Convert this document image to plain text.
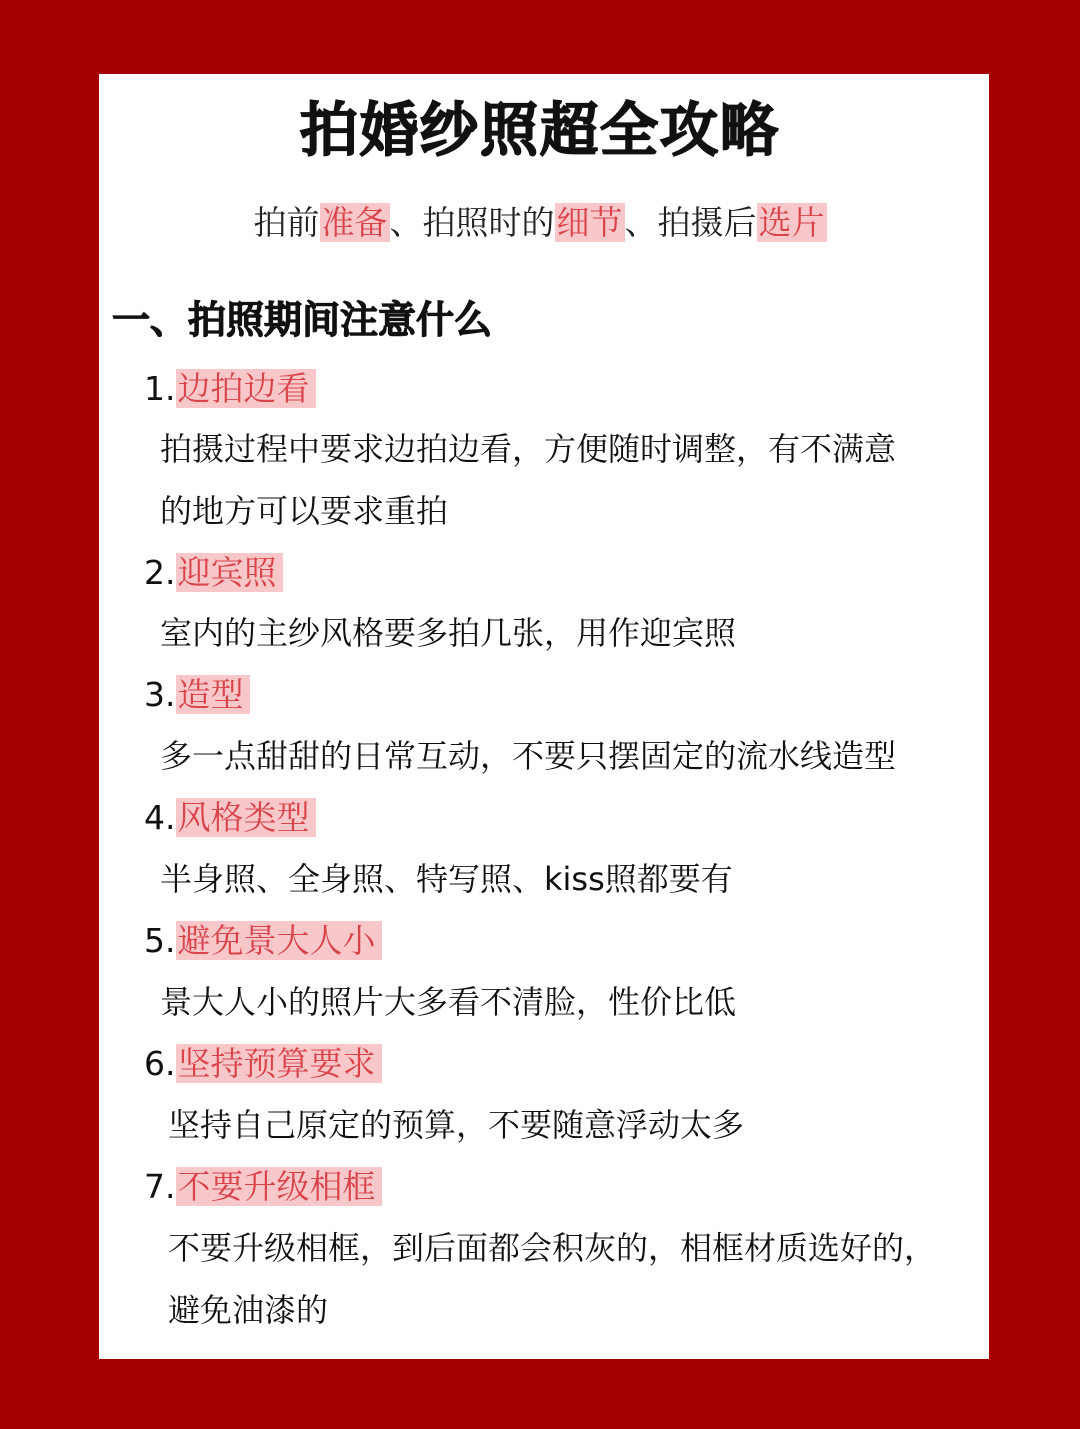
拍婚纱照超全攻略
拍前准备、拍照时的细节、拍摄后选片
一、拍照期间注意什么
1.边拍边看
拍摄过程中要求边拍边看，方便随时调整，有不满意
的地方可以要求重拍
2.迎宾照
室内的主纱风格要多拍几张，用作迎宾照
3.造型
多一点甜甜的日常互动，不要只摆固定的流水线造型
4.风格类型
半身照、全身照、特写照、kiss照都要有
5.避免景大人小
景大人小的照片大多看不清脸，性价比低
6.坚持预算要求
坚持自己原定的预算，不要随意浮动太多
7.不要升级相框
不要升级相框，到后面都会积灰的，相框材质选好的，
避免油漆的
